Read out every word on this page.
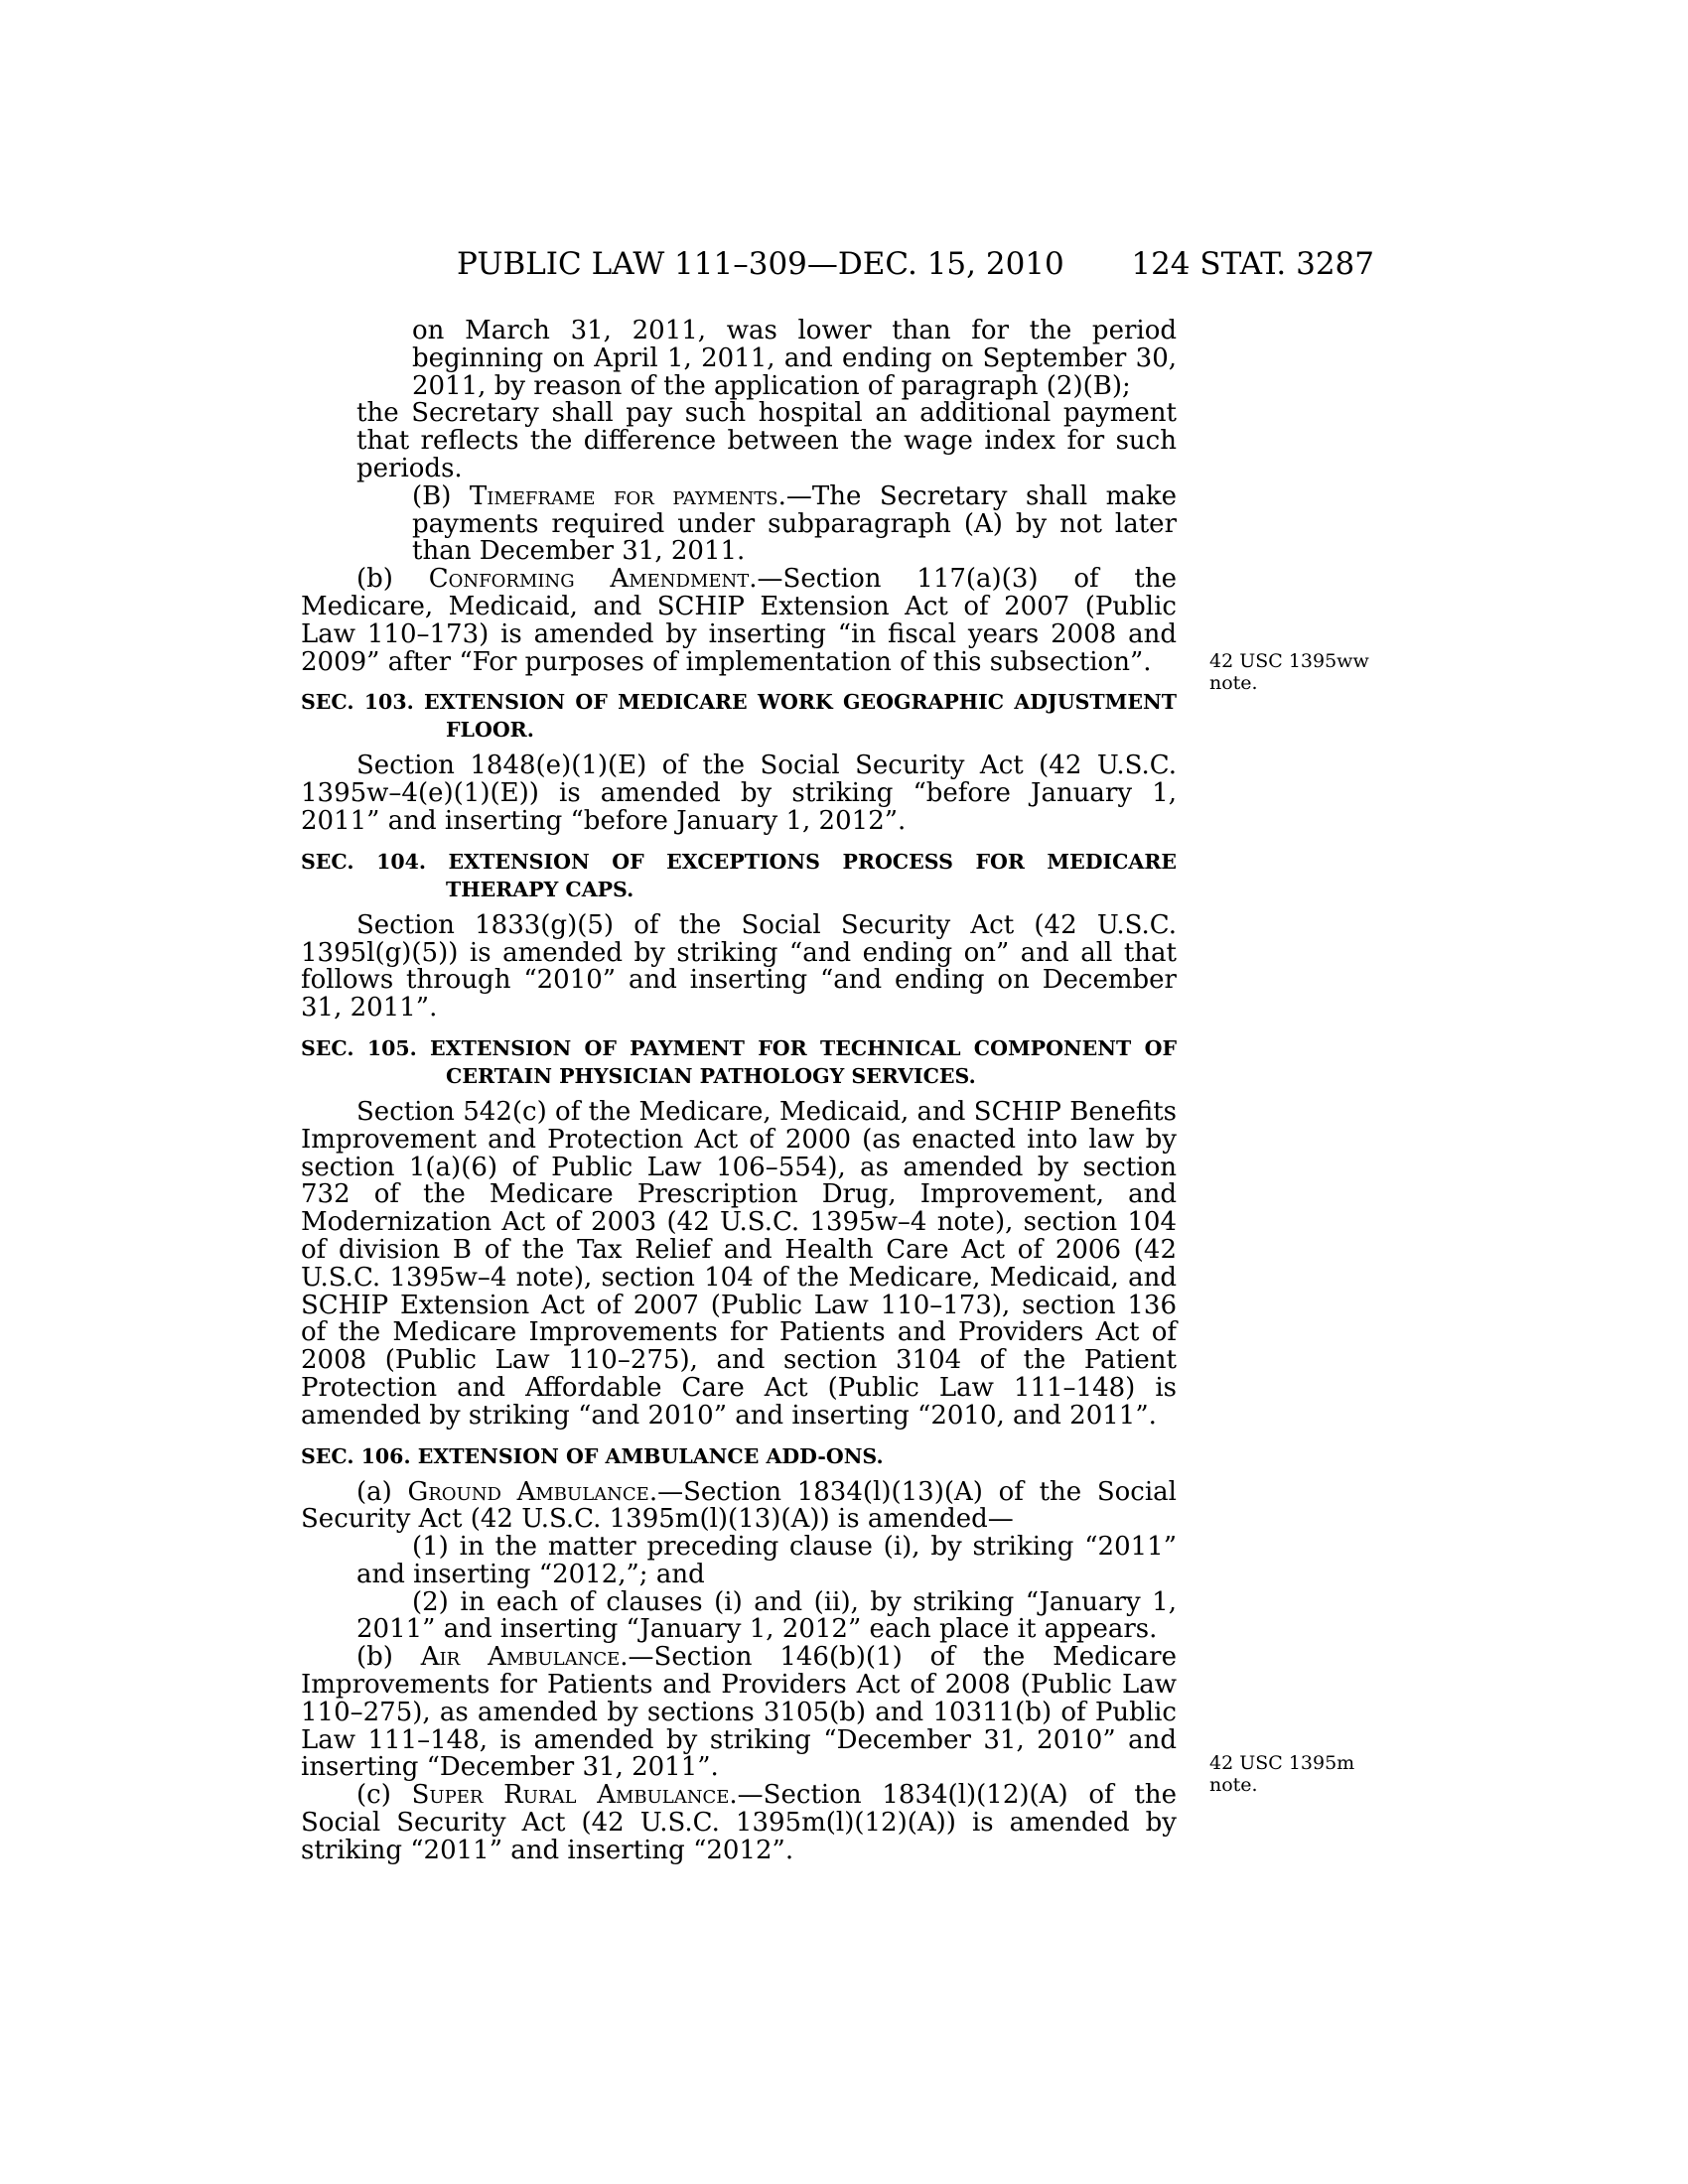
PUBLIC LAW 111–309—DEC. 15, 2010 124 STAT. 3287

on March 31, 2011, was lower than for the period beginning on April 1, 2011, and ending on September 30, 2011, by reason of the application of paragraph (2)(B);

the Secretary shall pay such hospital an additional payment that reflects the difference between the wage index for such periods.

(B) Timeframe for payments.—The Secretary shall make payments required under subparagraph (A) by not later than December 31, 2011.

(b) Conforming Amendment.—Section 117(a)(3) of the Medicare, Medicaid, and SCHIP Extension Act of 2007 (Public Law 110–173) is amended by inserting “in fiscal years 2008 and 2009” after “For purposes of implementation of this subsection”.

SEC. 103. EXTENSION OF MEDICARE WORK GEOGRAPHIC ADJUSTMENT FLOOR.

Section 1848(e)(1)(E) of the Social Security Act (42 U.S.C. 1395w–4(e)(1)(E)) is amended by striking “before January 1, 2011” and inserting “before January 1, 2012”.

SEC. 104. EXTENSION OF EXCEPTIONS PROCESS FOR MEDICARE THERAPY CAPS.

Section 1833(g)(5) of the Social Security Act (42 U.S.C. 1395l(g)(5)) is amended by striking “and ending on” and all that follows through “2010” and inserting “and ending on December 31, 2011”.

SEC. 105. EXTENSION OF PAYMENT FOR TECHNICAL COMPONENT OF CERTAIN PHYSICIAN PATHOLOGY SERVICES.

Section 542(c) of the Medicare, Medicaid, and SCHIP Benefits Improvement and Protection Act of 2000 (as enacted into law by section 1(a)(6) of Public Law 106–554), as amended by section 732 of the Medicare Prescription Drug, Improvement, and Modernization Act of 2003 (42 U.S.C. 1395w–4 note), section 104 of division B of the Tax Relief and Health Care Act of 2006 (42 U.S.C. 1395w–4 note), section 104 of the Medicare, Medicaid, and SCHIP Extension Act of 2007 (Public Law 110–173), section 136 of the Medicare Improvements for Patients and Providers Act of 2008 (Public Law 110–275), and section 3104 of the Patient Protection and Affordable Care Act (Public Law 111–148) is amended by striking “and 2010” and inserting “2010, and 2011”.

SEC. 106. EXTENSION OF AMBULANCE ADD-ONS.

(a) Ground Ambulance.—Section 1834(l)(13)(A) of the Social Security Act (42 U.S.C. 1395m(l)(13)(A)) is amended—

(1) in the matter preceding clause (i), by striking “2011” and inserting “2012,”; and

(2) in each of clauses (i) and (ii), by striking “January 1, 2011” and inserting “January 1, 2012” each place it appears.

(b) Air Ambulance.—Section 146(b)(1) of the Medicare Improvements for Patients and Providers Act of 2008 (Public Law 110–275), as amended by sections 3105(b) and 10311(b) of Public Law 111–148, is amended by striking “December 31, 2010” and inserting “December 31, 2011”.

(c) Super Rural Ambulance.—Section 1834(l)(12)(A) of the Social Security Act (42 U.S.C. 1395m(l)(12)(A)) is amended by striking “2011” and inserting “2012”.

42 USC 1395ww
note.
42 USC 1395m
note.
